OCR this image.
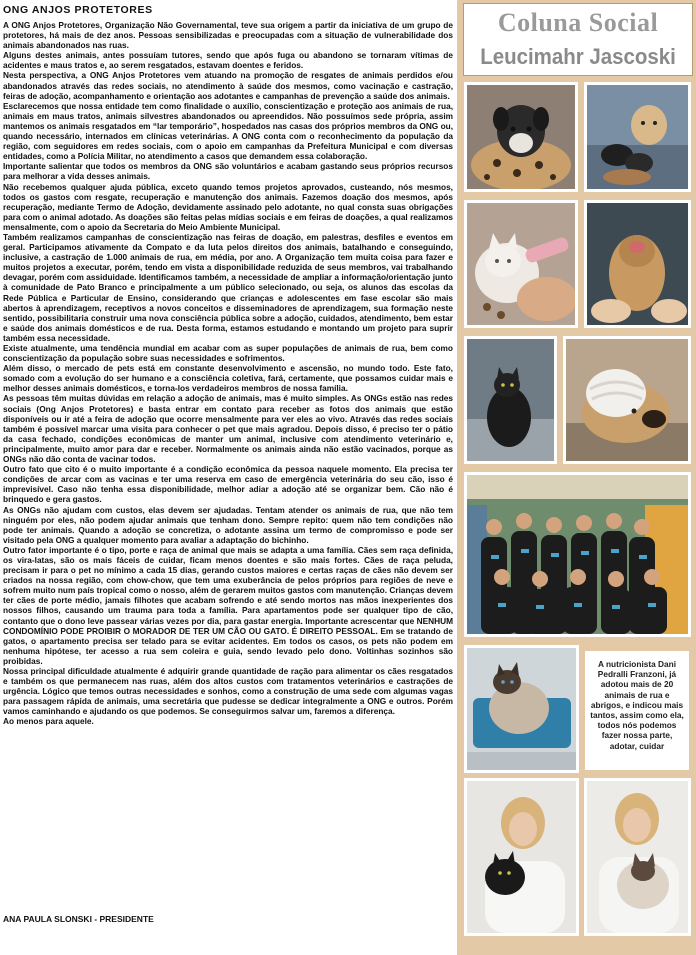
ONG ANJOS PROTETORES

A ONG Anjos Protetores, Organização Não Governamental, teve sua origem a partir da iniciativa de um grupo de protetores, há mais de dez anos. Pessoas sensibilizadas e preocupadas com a situação de vulnerabilidade dos animais abandonados nas ruas.

Alguns destes animais, antes possuíam tutores, sendo que após fuga ou abandono se tornaram vítimas de acidentes e maus tratos e, ao serem resgatados, estavam doentes e feridos.

Nesta perspectiva, a ONG Anjos Protetores vem atuando na promoção de resgates de animais perdidos e/ou abandonados através das redes sociais, no atendimento à saúde dos mesmos, como vacinação e castração, feiras de adoção, acompanhamento e orientação aos adotantes e campanhas de prevenção a saúde dos animais.

Esclarecemos que nossa entidade tem como finalidade o auxílio, conscientização e proteção aos animais de rua, animais em maus tratos, animais silvestres abandonados ou apreendidos. Não possuímos sede própria, assim mantemos os animais resgatados em “lar temporário”, hospedados nas casas dos próprios membros da ONG ou, quando necessário, internados em clínicas veterinárias. A ONG conta com o reconhecimento da população da região, com seguidores em redes sociais, com o apoio em campanhas da Prefeitura Municipal e com diversas entidades, como a Polícia Militar, no atendimento a casos que demandem essa colaboração.

Importante salientar que todos os membros da ONG são voluntários e acabam gastando seus próprios recursos para melhorar a vida desses animais.

Não recebemos qualquer ajuda pública, exceto quando temos projetos aprovados, custeando, nós mesmos, todos os gastos com resgate, recuperação e manutenção dos animais. Fazemos doação dos mesmos, após recuperação, mediante Termo de Adoção, devidamente assinado pelo adotante, no qual consta suas obrigações para com o animal adotado. As doações são feitas pelas mídias sociais e em feiras de doações, a qual realizamos mensalmente, com o apoio da Secretaria do Meio Ambiente Municipal.

Também realizamos campanhas de conscientização nas feiras de doação, em palestras, desfiles e eventos em geral. Participamos ativamente da Compato e da luta pelos direitos dos animais, batalhando e conseguindo, inclusive, a castração de 1.000 animais de rua, em média, por ano. A Organização tem muita coisa para fazer e muitos projetos a executar, porém, tendo em vista a disponibilidade reduzida de seus membros, vai trabalhando devagar, porém com assiduidade. Identificamos também, a necessidade de ampliar a informação/orientação junto à comunidade de Pato Branco e principalmente a um público selecionado, ou seja, os alunos das escolas da Rede Pública e Particular de Ensino, considerando que crianças e adolescentes em fase escolar são mais abertos à aprendizagem, receptivos a novos conceitos e disseminadores de aprendizagem, sua formação neste sentido, possibilitaria construir uma nova consciência pública sobre a adoção, cuidados, atendimento, bem estar e saúde dos animais domésticos e de rua. Desta forma, estamos estudando e montando um projeto para suprir também essa necessidade.

Existe atualmente, uma tendência mundial em acabar com as super populações de animais de rua, bem como conscientização da população sobre suas necessidades e sofrimentos.

Além disso, o mercado de pets está em constante desenvolvimento e ascensão, no mundo todo. Este fato, somado com a evolução do ser humano e a consciência coletiva, fará, certamente, que possamos cuidar mais e melhor desses animais domésticos, e torna-los verdadeiros membros de nossa família.

As pessoas têm muitas dúvidas em relação a adoção de animais, mas é muito simples. As ONGs estão nas redes sociais (Ong Anjos Protetores) e basta entrar em contato para receber as fotos dos animais que estão disponíveis ou ir até a feira de adoção que ocorre mensalmente para ver eles ao vivo. Através das redes sociais também é possível marcar uma visita para conhecer o pet que mais agradou. Depois disso, é preciso ter o pátio da casa fechado, condições econômicas de manter um animal, inclusive com atendimento veterinário e, principalmente, muito amor para dar e receber. Normalmente os animais ainda não estão vacinados, porque as ONGs não dão conta de vacinar todos.

Outro fato que cito é o muito importante é a condição econômica da pessoa naquele momento. Ela precisa ter condições de arcar com as vacinas e ter uma reserva em caso de emergência veterinária do seu cão, isso é imprevisível. Caso não tenha essa disponibilidade, melhor adiar a adoção até se organizar bem. Cão não é brinquedo e gera gastos.

As ONGs não ajudam com custos, elas devem ser ajudadas. Tentam atender os animais de rua, que não tem ninguém por eles, não podem ajudar animais que tenham dono. Sempre repito: quem não tem condições não pode ter animais. Quando a adoção se concretiza, o adotante assina um termo de compromisso e pode ser visitado pela ONG a qualquer momento para avaliar a adaptação do bichinho.

Outro fator importante é o tipo, porte e raça de animal que mais se adapta a uma família. Cães sem raça definida, os vira-latas, são os mais fáceis de cuidar, ficam menos doentes e são mais fortes. Cães de raça peluda, precisam ir para o pet no mínimo a cada 15 dias, gerando custos maiores e certas raças de cães não devem ser criados na nossa região, com chow-chow, que tem uma exuberância de pelos próprios para regiões de neve e sofrem muito num país tropical como o nosso, além de gerarem muitos gastos com manutenção. Crianças devem ter cães de porte médio, jamais filhotes que acabam sofrendo e até sendo mortos nas mãos inexperientes dos nossos filhos, causando um trauma para toda a família. Para apartamentos pode ser qualquer tipo de cão, contanto que o dono leve passear várias vezes por dia, para gastar energia. Importante acrescentar que NENHUM CONDOMÍNIO PODE PROIBIR O MORADOR DE TER UM CÃO OU GATO. É DIREITO PESSOAL. Em se tratando de gatos, o apartamento precisa ser telado para se evitar acidentes. Em todos os casos, os pets não podem em nenhuma hipótese, ter acesso a rua sem coleira e guia, sendo levado pelo dono. Voltinhas sozinhos são proibidas.

Nossa principal dificuldade atualmente é adquirir grande quantidade de ração para alimentar os cães resgatados e também os que permanecem nas ruas, além dos altos custos com tratamentos veterinários e castrações de urgência. Lógico que temos outras necessidades e sonhos, como a construção de uma sede com algumas vagas para passagem rápida de animais, uma secretária que pudesse se dedicar integralmente a ONG e outros. Porém vamos caminhando e ajudando os que podemos. Se conseguirmos salvar um, faremos a diferença.

Ao menos para aquele.

ANA PAULA SLONSKI - PRESIDENTE
Coluna Social
Leucimahr Jascoski
A nutricionista Dani Pedralli Franzoni, já adotou mais de 20 animais de rua e abrigos, e indicou mais tantos, assim como ela, todos nós podemos fazer nossa parte, adotar, cuidar
